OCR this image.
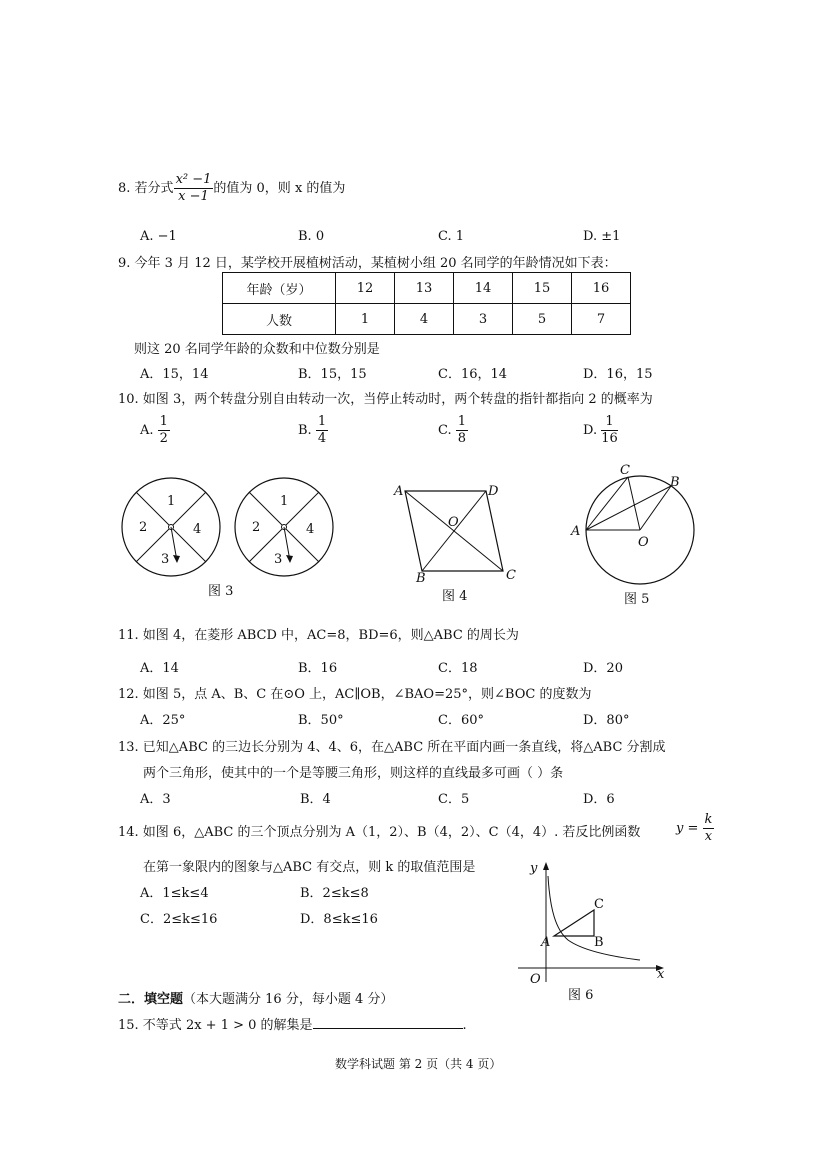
8. 若分式 $\frac{\text{x² −1}}{x -1}$ 的值为 0，则 x 的值为
A. −1	B. 0	C. 1	D. ±1
9. 今年 3 月 12 日，某学校开展植树活动，某植树小组 20 名同学的年龄情况如下表：
年龄（岁）	12	13	14	15	16
人数	1	4	3	5	7
则这 20 名同学年龄的众数和中位数分别是
A．15，14	B．15，15	C．16，14	D．16，15
10. 如图 3，两个转盘分别自由转动一次，当停止转动时，两个转盘的指针都指向 2 的概率为
A. $\frac{1}{2}$	B. $\frac{1}{4}$	C. $\frac{1}{8}$	D. $\frac{1}{16}$
1
2
3
4
1
2
3
4
图 3
A	D
O
B	C
图 4
C
B
A
O
图 5
11. 如图 4，在菱形 ABCD 中，AC=8，BD=6，则△ABC 的周长为
A．14	B．16	C．18	D．20
12. 如图 5，点 A、B、C 在⊙O 上，AC∥OB，∠BAO=25°，则∠BOC 的度数为
A．25°	B．50°	C．60°	D．80°
13. 已知△ABC 的三边长分别为 4、4、6，在△ABC 所在平面内画一条直线，将△ABC 分割成
两个三角形，使其中的一个是等腰三角形，则这样的直线最多可画（ ）条
A．3	B．4	C．5	D．6
14. 如图 6，△ABC 的三个顶点分别为 A（1，2）、B（4，2）、C（4，4）. 若反比例函数	$y = \frac{k}{x}$
在第一象限内的图象与△ABC 有交点，则 k 的取值范围是
A．1≤k≤4	B．2≤k≤8
C．2≤k≤16	D．8≤k≤16
y
x
O
A	B
C
图 6
二．填空题（本大题满分 16 分，每小题 4 分）
15. 不等式 2x + 1 > 0 的解集是	.
数学科试题 第 2 页（共 4 页）
